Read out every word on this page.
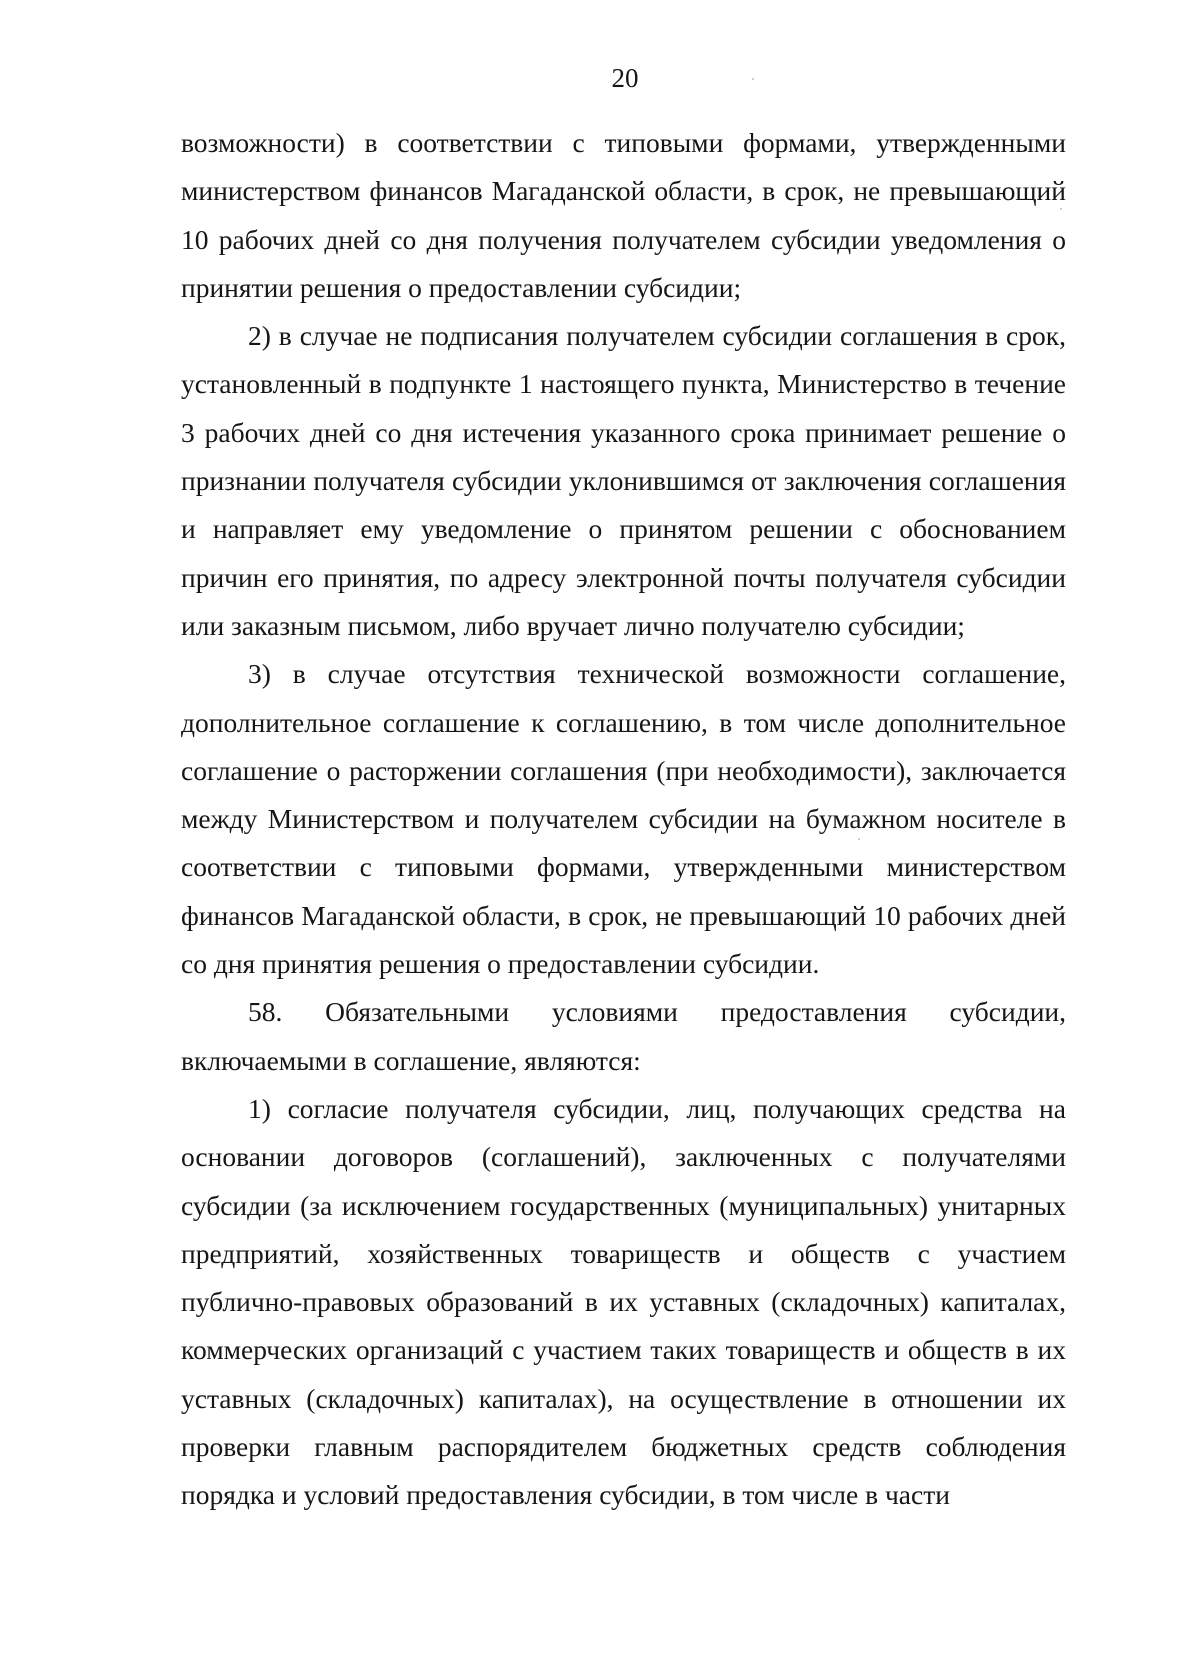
20

возможности) в соответствии с типовыми формами, утвержденными министерством финансов Магаданской области, в срок, не превышающий 10 рабочих дней со дня получения получателем субсидии уведомления о принятии решения о предоставлении субсидии;

2) в случае не подписания получателем субсидии соглашения в срок, установленный в подпункте 1 настоящего пункта, Министерство в течение 3 рабочих дней со дня истечения указанного срока принимает решение о признании получателя субсидии уклонившимся от заключения соглашения и направляет ему уведомление о принятом решении с обоснованием причин его принятия, по адресу электронной почты получателя субсидии или заказным письмом, либо вручает лично получателю субсидии;

3) в случае отсутствия технической возможности соглашение, дополнительное соглашение к соглашению, в том числе дополнительное соглашение о расторжении соглашения (при необходимости), заключается между Министерством и получателем субсидии на бумажном носителе в соответствии с типовыми формами, утвержденными министерством финансов Магаданской области, в срок, не превышающий 10 рабочих дней со дня принятия решения о предоставлении субсидии.

58. Обязательными условиями предоставления субсидии, включаемыми в соглашение, являются:

1) согласие получателя субсидии, лиц, получающих средства на основании договоров (соглашений), заключенных с получателями субсидии (за исключением государственных (муниципальных) унитарных предприятий, хозяйственных товариществ и обществ с участием публично-правовых образований в их уставных (складочных) капиталах, коммерческих организаций с участием таких товариществ и обществ в их уставных (складочных) капиталах), на осуществление в отношении их проверки главным распорядителем бюджетных средств соблюдения порядка и условий предоставления субсидии, в том числе в части
